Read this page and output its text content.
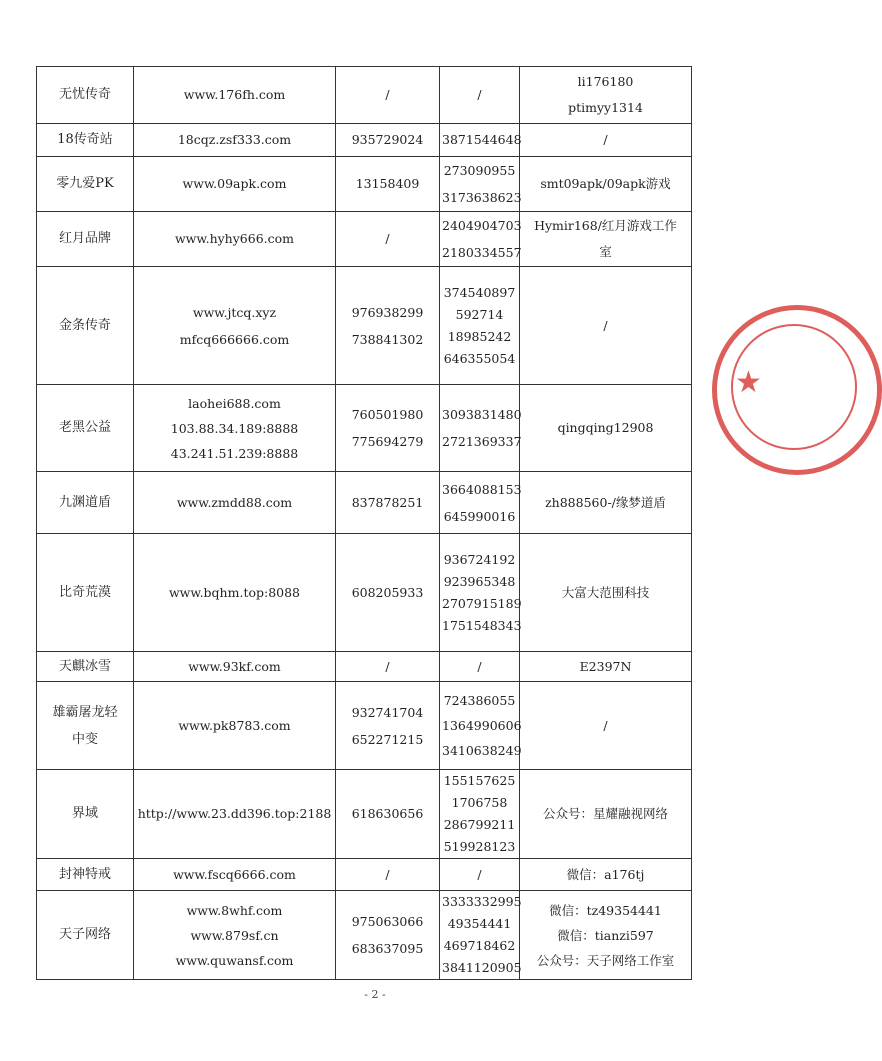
无忧传奇	www.176fh.com	/	/	li176180
ptimyy1314

18传奇站	18cqz.zsf333.com	935729024	3871544648	/

零九爱PK	www.09apk.com	13158409	273090955
3173638623	smt09apk/09apk游戏

红月品牌	www.hyhy666.com	/	2404904703
2180334557	Hymir168/红月游戏工作
室

金条传奇	www.jtcq.xyz
mfcq666666.com	976938299
738841302	374540897
592714
18985242
646355054	/

老黑公益	laohei688.com
103.88.34.189:8888
43.241.51.239:8888	760501980
775694279	3093831480
2721369337	qingqing12908

九渊道盾	www.zmdd88.com	837878251	3664088153
645990016	zh888560-/缘梦道盾

比奇荒漠	www.bqhm.top:8088	608205933	936724192
923965348
2707915189
1751548343	大富大范围科技

天麒冰雪	www.93kf.com	/	/	E2397N

雄霸屠龙轻
中变	www.pk8783.com	932741704
652271215	724386055
1364990606
3410638249	/

界域	http://www.23.dd396.top:2188	618630656	155157625
1706758
286799211
519928123	公众号：星耀融视网络

封神特戒	www.fscq6666.com	/	/	微信：a176tj

天子网络	www.8whf.com
www.879sf.cn
www.quwansf.com	975063066
683637095	3333332995
49354441
469718462
3841120905	微信：tz49354441
微信：tianzi597
公众号：天子网络工作室
- 2 -
★
